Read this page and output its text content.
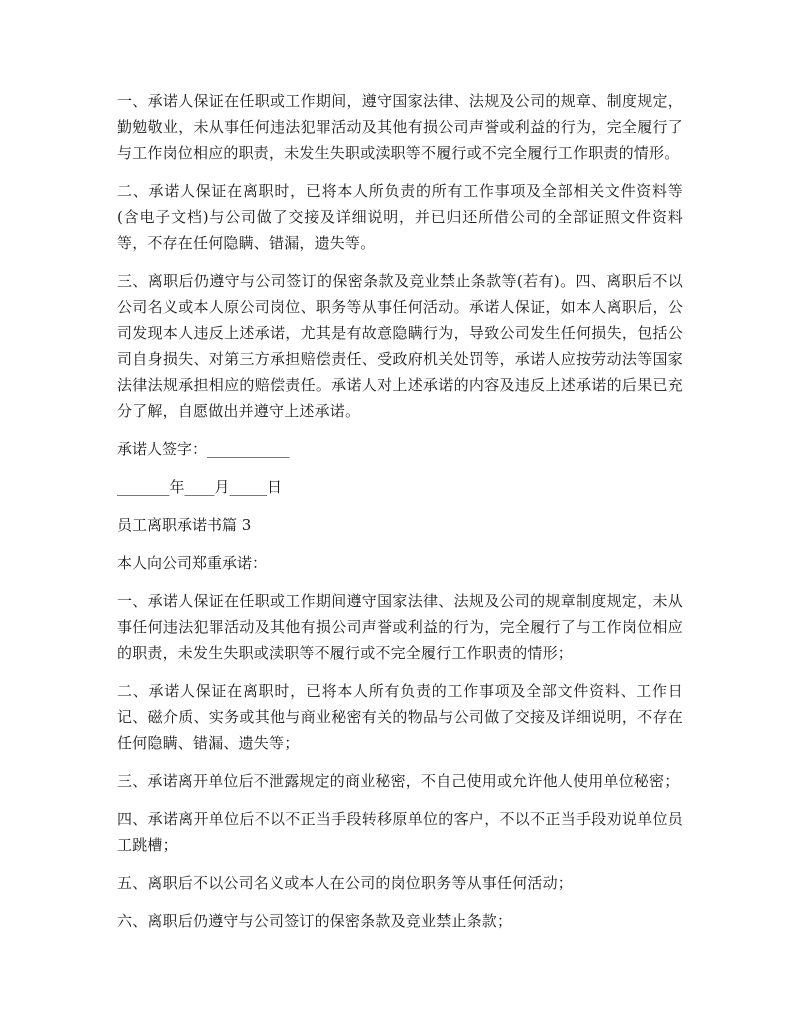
一、承诺人保证在任职或工作期间，遵守国家法律、法规及公司的规章、制度规定，勤勉敬业，未从事任何违法犯罪活动及其他有损公司声誉或利益的行为，完全履行了与工作岗位相应的职责，未发生失职或渎职等不履行或不完全履行工作职责的情形。

二、承诺人保证在离职时，已将本人所负责的所有工作事项及全部相关文件资料等(含电子文档)与公司做了交接及详细说明，并已归还所借公司的全部证照文件资料等，不存在任何隐瞒、错漏，遗失等。

三、离职后仍遵守与公司签订的保密条款及竞业禁止条款等(若有)。四、离职后不以公司名义或本人原公司岗位、职务等从事任何活动。承诺人保证，如本人离职后，公司发现本人违反上述承诺，尤其是有故意隐瞒行为，导致公司发生任何损失，包括公司自身损失、对第三方承担赔偿责任、受政府机关处罚等，承诺人应按劳动法等国家法律法规承担相应的赔偿责任。承诺人对上述承诺的内容及违反上述承诺的后果已充分了解，自愿做出并遵守上述承诺。

承诺人签字：___________

_______年____月_____日

员工离职承诺书篇 3

本人向公司郑重承诺：

一、承诺人保证在任职或工作期间遵守国家法律、法规及公司的规章制度规定，未从事任何违法犯罪活动及其他有损公司声誉或利益的行为，完全履行了与工作岗位相应的职责，未发生失职或渎职等不履行或不完全履行工作职责的情形；

二、承诺人保证在离职时，已将本人所有负责的工作事项及全部文件资料、工作日记、磁介质、实务或其他与商业秘密有关的物品与公司做了交接及详细说明，不存在任何隐瞒、错漏、遗失等；

三、承诺离开单位后不泄露规定的商业秘密，不自己使用或允许他人使用单位秘密；

四、承诺离开单位后不以不正当手段转移原单位的客户，不以不正当手段劝说单位员工跳槽；

五、离职后不以公司名义或本人在公司的岗位职务等从事任何活动；

六、离职后仍遵守与公司签订的保密条款及竞业禁止条款；
